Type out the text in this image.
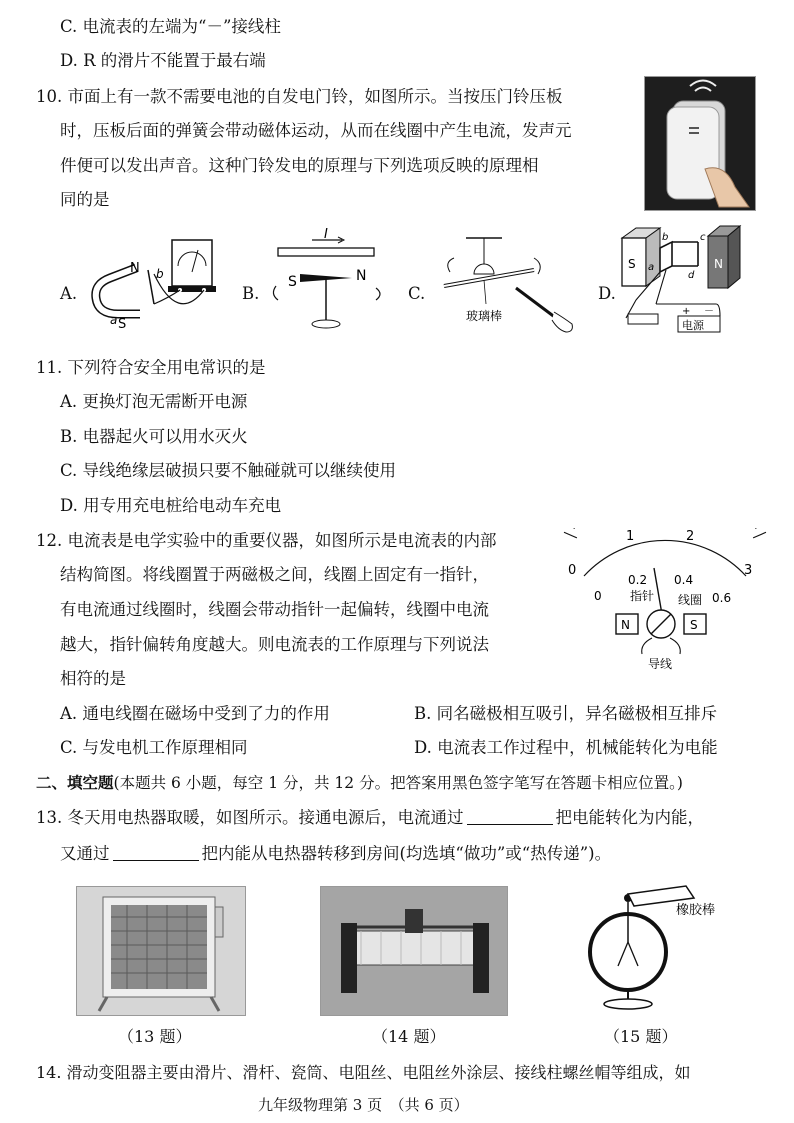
C. 电流表的左端为“－”接线柱
D. R 的滑片不能置于最右端
10. 市面上有一款不需要电池的自发电门铃，如图所示。当按压门铃压板
时，压板后面的弹簧会带动磁体运动，从而在线圈中产生电流，发声元
件便可以发出声音。这种门铃发电的原理与下列选项反映的原理相
同的是
A.
N
S
b
a
B.
I
S	N
C.
玻璃棒
D.
S	N
a
b	c
d
+ －
电源
11. 下列符合安全用电常识的是
A. 更换灯泡无需断开电源
B. 电器起火可以用水灭火
C. 导线绝缘层破损只要不触碰就可以继续使用
D. 用专用充电桩给电动车充电
12. 电流表是电学实验中的重要仪器，如图所示是电流表的内部
结构简图。将线圈置于两磁极之间，线圈上固定有一指针，
有电流通过线圈时，线圈会带动指针一起偏转，线圈中电流
越大，指针偏转角度越大。则电流表的工作原理与下列说法
相符的是
0
1	2
3
0
0.2 0.4
0.6
指针 线圈
N	S
导线
A. 通电线圈在磁场中受到了力的作用	B. 同名磁极相互吸引，异名磁极相互排斥
C. 与发电机工作原理相同	D. 电流表工作过程中，机械能转化为电能
二、填空题(本题共 6 小题，每空 1 分，共 12 分。把答案用黑色签字笔写在答题卡相应位置。)
13. 冬天用电热器取暖，如图所示。接通电源后，电流通过	把电能转化为内能，
又通过	把内能从电热器转移到房间(均选填“做功”或“热传递”)。
橡胶棒
（13 题）	（14 题）	（15 题）
14. 滑动变阻器主要由滑片、滑杆、瓷筒、电阻丝、电阻丝外涂层、接线柱螺丝帽等组成，如
九年级物理第 3 页　（共 6 页）
